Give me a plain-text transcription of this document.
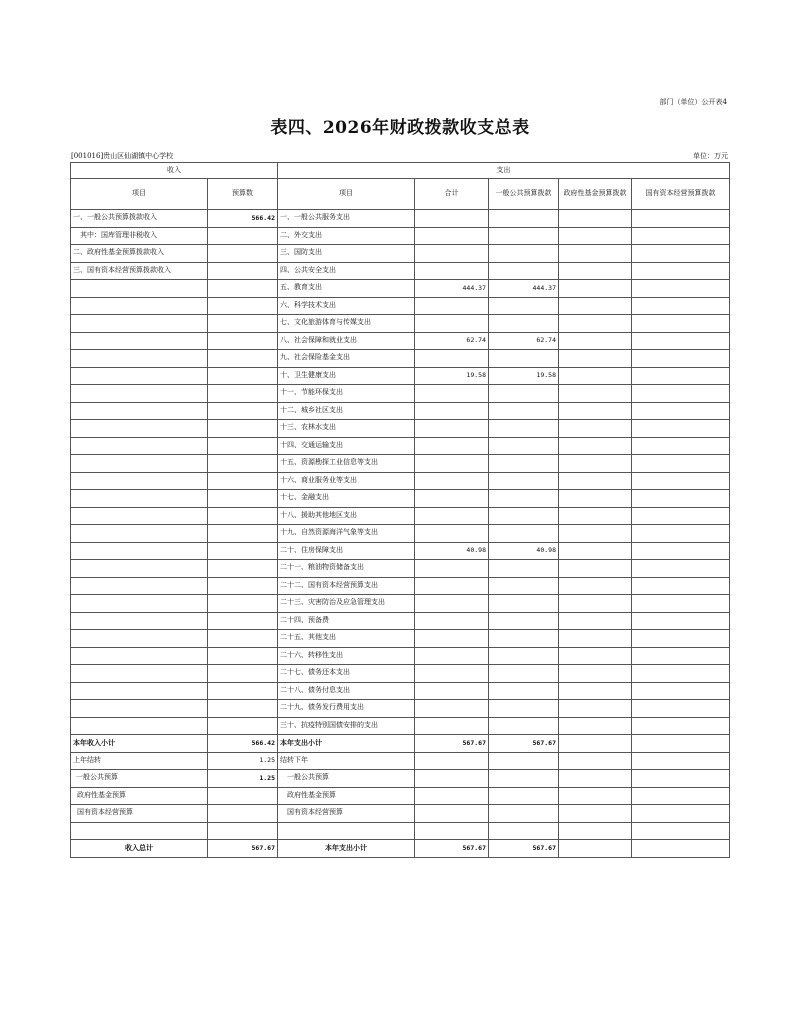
部门（单位）公开表4
表四、2026年财政拨款收支总表
[001016]贵山区仙湖镇中心学校	单位：万元
收入		支出				
项目	预算数	项目	合计	一般公共预算拨款	政府性基金预算拨款	国有资本经营预算拨款
一、一般公共预算拨款收入	566.42	一、一般公共服务支出				
其中：国库管理非税收入		二、外交支出				
二、政府性基金预算拨款收入		三、国防支出				
三、国有资本经营预算拨款收入		四、公共安全支出				
		五、教育支出	444.37	444.37		
		六、科学技术支出				
		七、文化旅游体育与传媒支出				
		八、社会保障和就业支出	62.74	62.74		
		九、社会保险基金支出				
		十、卫生健康支出	19.58	19.58		
		十一、节能环保支出				
		十二、城乡社区支出				
		十三、农林水支出				
		十四、交通运输支出				
		十五、资源勘探工业信息等支出				
		十六、商业服务业等支出				
		十七、金融支出				
		十八、援助其他地区支出				
		十九、自然资源海洋气象等支出				
		二十、住房保障支出	40.98	40.98		
		二十一、粮油物资储备支出				
		二十二、国有资本经营预算支出				
		二十三、灾害防治及应急管理支出				
		二十四、预备费				
		二十五、其他支出				
		二十六、转移性支出				
		二十七、债务还本支出				
		二十八、债务付息支出				
		二十九、债务发行费用支出				
		三十、抗疫特别国债安排的支出				
本年收入小计	566.42	本年支出小计	567.67	567.67		
上年结转	1.25	结转下年				
一般公共预算	1.25	一般公共预算				
政府性基金预算		政府性基金预算				
国有资本经营预算		国有资本经营预算				

收入总计	567.67	本年支出小计	567.67	567.67		
